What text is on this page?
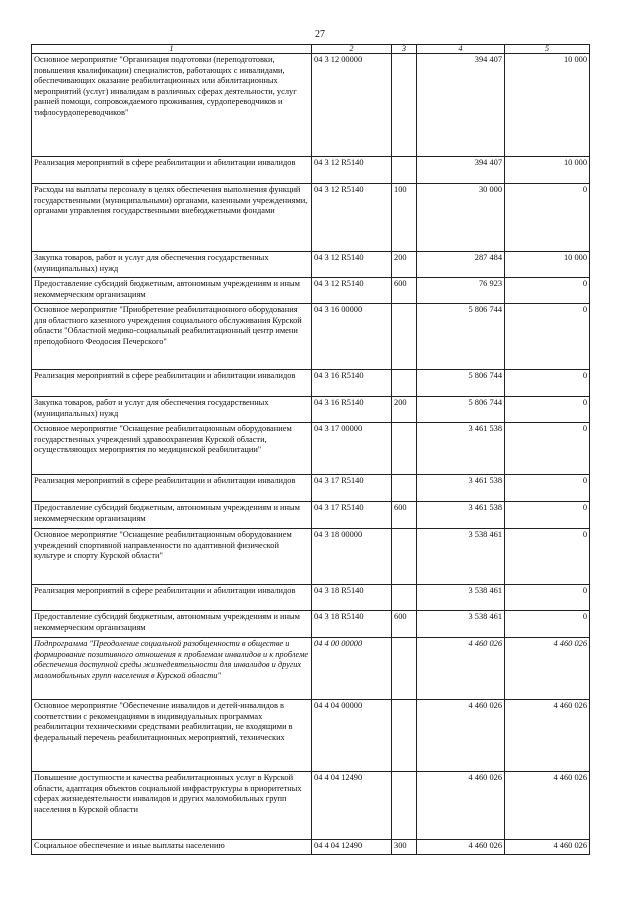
27
1	2	3	4	5
Основное мероприятие "Организация подготовки (переподготовки, повышения квалификации) специалистов, работающих с инвалидами, обеспечивающих оказание реабилитационных или абилитационных мероприятий (услуг) инвалидам в различных сферах деятельности, услуг ранней помощи, сопровождаемого проживания, сурдопереводчиков и тифлосурдопереводчиков"	04 3 12 00000		394 407	10 000
Реализация мероприятий в сфере реабилитации и абилитации инвалидов	04 3 12 R5140		394 407	10 000
Расходы на выплаты персоналу в целях обеспечения выполнения функций государственными (муниципальными) органами, казенными учреждениями, органами управления государственными внебюджетными фондами	04 3 12 R5140	100	30 000	0
Закупка товаров, работ и услуг для обеспечения государственных (муниципальных) нужд	04 3 12 R5140	200	287 484	10 000
Предоставление субсидий бюджетным, автономным учреждениям и иным некоммерческим организациям	04 3 12 R5140	600	76 923	0
Основное мероприятие "Приобретение реабилитационного оборудования для областного казенного учреждения социального обслуживания Курской области "Областной медико-социальный реабилитационный центр имени преподобного Феодосия Печерского"	04 3 16 00000		5 806 744	0
Реализация мероприятий в сфере реабилитации и абилитации инвалидов	04 3 16 R5140		5 806 744	0
Закупка товаров, работ и услуг для обеспечения государственных (муниципальных) нужд	04 3 16 R5140	200	5 806 744	0
Основное мероприятие "Оснащение реабилитационным оборудованием государственных учреждений здравоохранения Курской области, осуществляющих мероприятия по медицинской реабилитации"	04 3 17 00000		3 461 538	0
Реализация мероприятий в сфере реабилитации и абилитации инвалидов	04 3 17 R5140		3 461 538	0
Предоставление субсидий бюджетным, автономным учреждениям и иным некоммерческим организациям	04 3 17 R5140	600	3 461 538	0
Основное мероприятие "Оснащение реабилитационным оборудованием учреждений спортивной направленности по адаптивной физической культуре и спорту Курской области"	04 3 18 00000		3 538 461	0
Реализация мероприятий в сфере реабилитации и абилитации инвалидов	04 3 18 R5140		3 538 461	0
Предоставление субсидий бюджетным, автономным учреждениям и иным некоммерческим организациям	04 3 18 R5140	600	3 538 461	0
Подпрограмма "Преодоление социальной разобщенности в обществе и формирование позитивного отношения к проблемам инвалидов и к проблеме обеспечения доступной среды жизнедеятельности для инвалидов и других маломобильных групп населения в Курской области"	04 4 00 00000		4 460 026	4 460 026
Основное мероприятие "Обеспечение инвалидов и детей-инвалидов в соответствии с рекомендациями в индивидуальных программах реабилитации техническими средствами реабилитации, не входящими в федеральный перечень реабилитационных мероприятий, технических	04 4 04 00000		4 460 026	4 460 026
Повышение доступности и качества реабилитационных услуг в Курской области, адаптация объектов социальной инфраструктуры в приоритетных сферах жизнедеятельности инвалидов и других маломобильных групп населения в Курской области	04 4 04 12490		4 460 026	4 460 026
Социальное обеспечение и иные выплаты населению	04 4 04 12490	300	4 460 026	4 460 026
